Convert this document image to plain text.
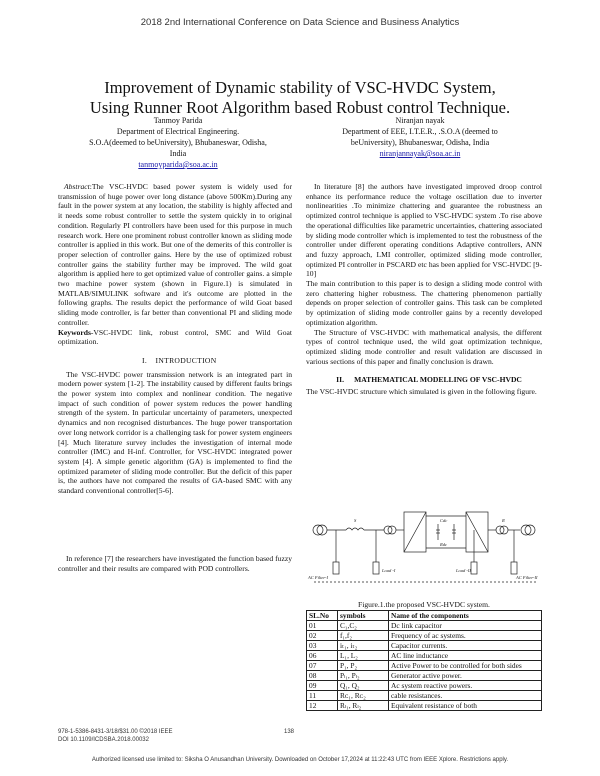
2018 2nd International Conference on Data Science and Business Analytics
Improvement of Dynamic stability of VSC-HVDC System,
Using Runner Root Algorithm based Robust control Technique.
Tanmoy Parida
Department of Electrical Engineering.
S.O.A(deemed to beUniversity), Bhubaneswar, Odisha,
India
tanmoyparida@soa.ac.in
Niranjan nayak
Department of EEE, I.T.E.R., .S.O.A (deemed to
beUniversity), Bhubaneswar, Odisha, India
niranjannayak@soa.ac.in

Abstract:The VSC-HVDC based power system is widely used for transmission of huge power over long distance (above 500Km).During any fault in the power system at any location, the stability is highly affected and it needs some robust controller to settle the system quickly in to original condition. Regularly PI controllers have been used for this purpose in much research work. Here one prominent robust controller known as sliding mode controller is applied in this work. But one of the demerits of this controller is proper selection of controller gains. Here by the use of optimized robust controller gains the stability further may be improved. The wild goat algorithm is applied here to get optimized value of controller gains. a simple two machine power system (shown in Figure.1) is simulated in MATLAB/SIMULINK software and it's outcome are plotted in the following graphs. The results depict the performance of wild Goat based sliding mode controller, is far better than conventional PI and sliding mode controller.

Keywords-VSC-HVDC link, robust control, SMC and Wild Goat optimization.

I. INTRODUCTION

The VSC-HVDC power transmission network is an integrated part in modern power system [1-2]. The instability caused by different faults brings the power system into complex and nonlinear condition. The negative impact of such condition of power system reduces the power handling strength of the system. In particular uncertainty of parameters, unexpected dynamics and non recognised disturbances. The huge power transportation over long network corridor is a challenging task for power system engineers [4]. Much literature survey includes the investigation of internal mode controller (IMC) and H-inf. Controller, for VSC-HVDC integrated power system [4]. A simple genetic algorithm (GA) is implemented to find the optimized parameter of sliding mode controller. But the deficit of this paper is, the authors have not compared the results of GA-based SMC with any standard conventional controller[5-6].

In reference [7] the researchers have investigated the function based fuzzy controller and their results are compared with POD controllers.

In literature [8] the authors have investigated improved droop control enhance its performance reduce the voltage oscillation due to inverter nonlinearities .To minimize chattering and guarantee the robustness an optimized control technique is applied to VSC-HVDC system .To rise above the operational difficulties like parametric uncertainties, chattering associated by sliding mode controller which is implemented to test the robustness of the controller under different operating conditions Adaptive controllers, ANN and fuzzy approach, LMI controller, optimized sliding mode controller, optimized PI controller in PSCARD etc has been applied for VSC-HVDC [9-10]

The main contribution to this paper is to design a sliding mode control with zero chattering higher robustness. The chattering phenomenon partially depends on proper selection of controller gains. This task can be completed by optimization of sliding mode controller gains by a recently developed optimization algorithm.

The Structure of VSC-HVDC with mathematical analysis, the different types of control technique used, the wild goat optimization technique, optimized sliding mode controller and result validation are discussed in various sections of this paper and finally conclusion is drawn.

II. MATHEMATICAL MODELLING OF VSC-HVDC

The VSC-HVDC structure which simulated is given in the following figure.

AC Filter-I
Load -I	Load -II
AC Filter-II
S	R
Cdc
Rdc
Figure.1.the proposed VSC-HVDC system.
SL.No	symbols	Name of the components
01	C₁,C₂	Dc link capacitor
02	f₁,f₂	Frequency of ac systems.
03	iₜ₁, iₜ₂	Capacitor currents.
06	L₁, L₂	AC line inductance
07	P₁, P₂	Active Power to be controlled for both sides
08	Pₗ₁, Pₗ₂	Generator active power.
09	Q₁, Q₂	Ac system reactive powers.
11	Rᴄ₁, Rᴄ₂	cable resistances.
12	Rₗ₁, Rₗ₂	Equivalent resistance of both
978-1-5386-8431-3/18/$31.00 ©2018 IEEE
DOI 10.1109/ICDSBA.2018.00032
138
Authorized licensed use limited to: Siksha O Anusandhan University. Downloaded on October 17,2024 at 11:22:43 UTC from IEEE Xplore. Restrictions apply.
